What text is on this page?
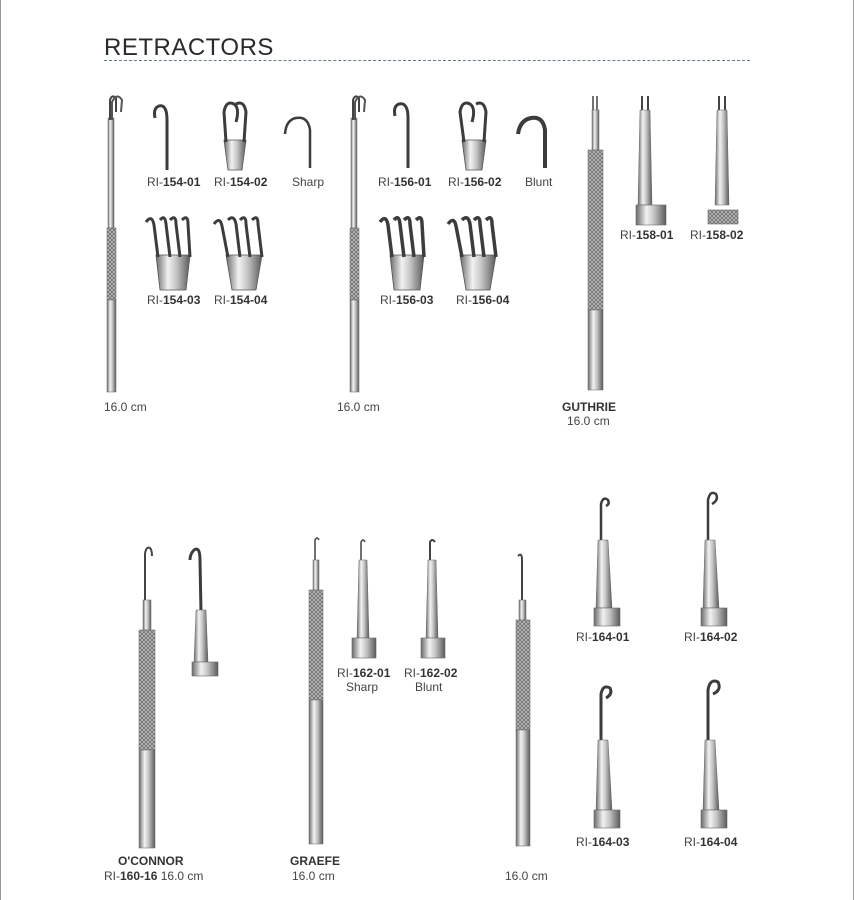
RETRACTORS
RI-154-01 RI-154-02 Sharp
RI-154-03 RI-154-04
16.0 cm
RI-156-01 RI-156-02 Blunt
RI-156-03 RI-156-04
16.0 cm
RI-158-01 RI-158-02
GUTHRIE
16.0 cm
O'CONNOR
RI-160-16 16.0 cm
GRAEFE
16.0 cm
RI-162-01
Sharp
RI-162-02
Blunt
RI-164-01	RI-164-02
RI-164-03	RI-164-04
16.0 cm
